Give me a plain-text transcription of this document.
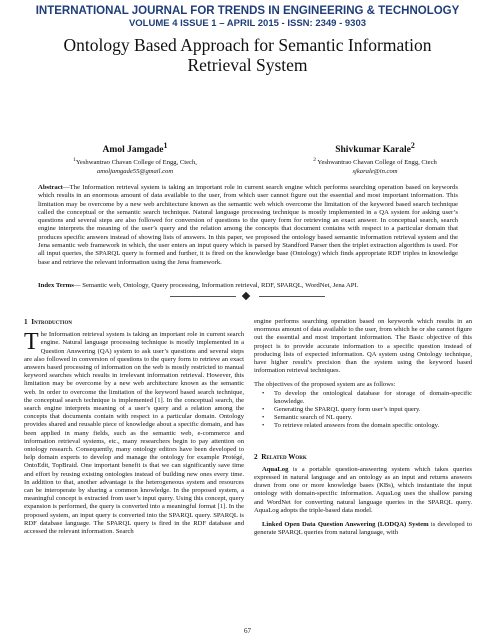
INTERNATIONAL JOURNAL FOR TRENDS IN ENGINEERING & TECHNOLOGY
VOLUME 4 ISSUE 1 – APRIL 2015 - ISSN: 2349 - 9303
Ontology Based Approach for Semantic Information Retrieval System
Amol Jamgade$^1$
$^1$Yeshwantrao Chavan College of Engg, Ctech,
amoljamgade55@gmail.com
Shivkumar Karale$^2$
$^2$ Yeshwantrao Chavan College of Engg, Ctech
sjkarale@in.com
Abstract—The Information retrieval system is taking an important role in current search engine which performs searching operation based on keywords which results in an enormous amount of data available to the user, from which user cannot figure out the essential and most important information. This limitation may be overcome by a new web architecture known as the semantic web which overcome the limitation of the keyword based search technique called the conceptual or the semantic search technique. Natural language processing technique is mostly implemented in a QA system for asking user’s questions and several steps are also followed for conversion of questions to the query form for retrieving an exact answer. In conceptual search, search engine interprets the meaning of the user’s query and the relation among the concepts that document contains with respect to a particular domain that produces specific answers instead of showing lists of answers. In this paper, we proposed the ontology based semantic information retrieval system and the Jena semantic web framework in which, the user enters an input query which is parsed by Standford Parser then the triplet extraction algorithm is used. For all input queries, the SPARQL query is formed and further, it is fired on the knowledge base (Ontology) which finds appropriate RDF triples in knowledge base and retrieve the relevant information using the Jena framework.
Index Terms— Semantic web, Ontology, Query processing, Information retrieval, RDF, SPARQL, WordNet, Jena API.
1 Introduction

The Information retrieval system is taking an important role in current search engine. Natural language processing technique is mostly implemented in a Question Answering (QA) system to ask user’s questions and several steps are also followed in conversion of questions to the query form to retrieve an exact answers based processing of information on the web is mostly restricted to manual keyword searches which results in irrelevant information retrieval. However, this limitation may be overcome by a new web architecture known as the semantic web. In order to overcome the limitation of the keyword based search technique, the conceptual search technique is implemented [1]. In the conceptual search, the search engine interprets meaning of a user’s query and a relation among the concepts that documents contain with respect to a particular domain. Ontology provides shared and reusable piece of knowledge about a specific domain, and has been applied in many fields, such as the semantic web, e-commerce and information retrieval systems, etc., many researchers begin to pay attention on ontology research. Consequently, many ontology editors have been developed to help domain experts to develop and manage the ontology for example Protégé, OntoEdit, TopBraid. One important benefit is that we can significantly save time and effort by reusing existing ontologies instead of building new ones every time. In addition to that, another advantage is the heterogeneous system and resources can be interoperate by sharing a common knowledge. In the proposed system, a meaningful concept is extracted from user’s input query. Using this concept, query expansion is performed, the query is converted into a meaningful format [1]. In the proposed system, an input query is converted into the SPARQL query. SPARQL is RDF database language. The SPARQL query is fired in the RDF database and accessed the relevant information. Search

engine performs searching operation based on keywords which results in an enormous amount of data available to the user, from which he or she cannot figure out the essential and most important information. The Basic objective of this project is to provide accurate information to a specific question instead of producing lists of expected information. QA system using Ontology technique, have higher result’s precision than the system using the keyword based information retrieval techniques.

The objectives of the proposed system are as follows:
• To develop the ontological database for storage of domain-specific knowledge.
• Generating the SPARQL query form user’s input query.
• Semantic search of NL query.
• To retrieve related answers from the domain specific ontology.
2 Related Work

AquaLog is a portable question-answering system which takes queries expressed in natural language and an ontology as an input and returns answers drawn from one or more knowledge bases (KBs), which instantiate the input ontology with domain-specific information. AquaLog uses the shallow parsing and WordNet for converting natural language queries in the SPARQL query. AquaLog adopts the triple-based data model.

Linked Open Data Question Answering (LODQA) System is developed to generate SPARQL queries from natural language, with

67
